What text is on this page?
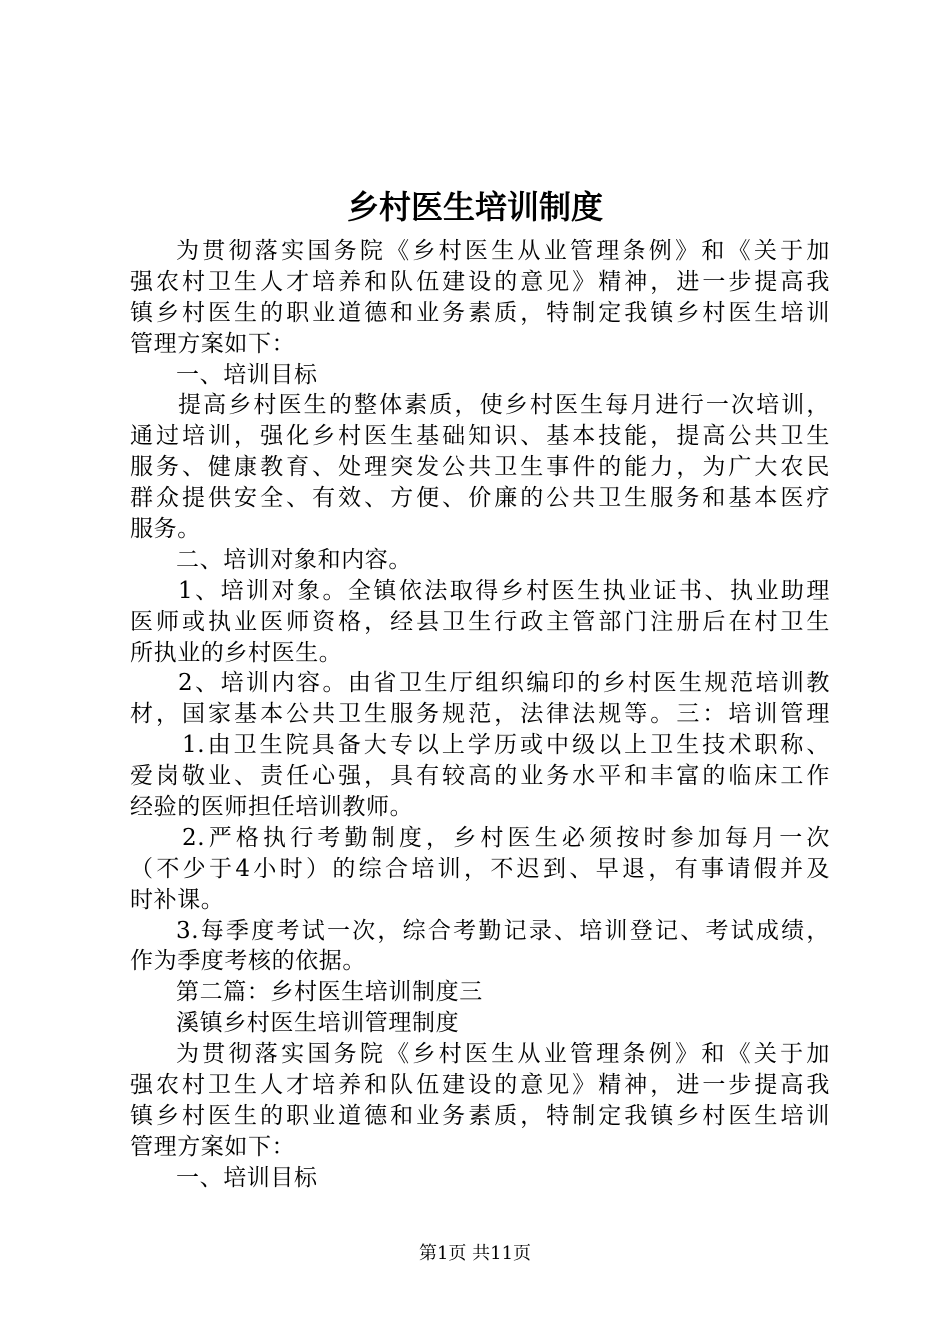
乡村医生培训制度
为贯彻落实国务院《乡村医生从业管理条例》和《关于加
强农村卫生人才培养和队伍建设的意见》精神，进一步提高我
镇乡村医生的职业道德和业务素质，特制定我镇乡村医生培训
管理方案如下：
一、培训目标
提高乡村医生的整体素质，使乡村医生每月进行一次培训，
通过培训，强化乡村医生基础知识、基本技能，提高公共卫生
服务、健康教育、处理突发公共卫生事件的能力，为广大农民
群众提供安全、有效、方便、价廉的公共卫生服务和基本医疗
服务。
二、培训对象和内容。
1、培训对象。全镇依法取得乡村医生执业证书、执业助理
医师或执业医师资格，经县卫生行政主管部门注册后在村卫生
所执业的乡村医生。
2、培训内容。由省卫生厅组织编印的乡村医生规范培训教
材，国家基本公共卫生服务规范，法律法规等。三：培训管理
1.由卫生院具备大专以上学历或中级以上卫生技术职称、
爱岗敬业、责任心强，具有较高的业务水平和丰富的临床工作
经验的医师担任培训教师。
2.严格执行考勤制度，乡村医生必须按时参加每月一次
（不少于4小时）的综合培训，不迟到、早退，有事请假并及
时补课。
3.每季度考试一次，综合考勤记录、培训登记、考试成绩，
作为季度考核的依据。
第二篇：乡村医生培训制度三
溪镇乡村医生培训管理制度
为贯彻落实国务院《乡村医生从业管理条例》和《关于加
强农村卫生人才培养和队伍建设的意见》精神，进一步提高我
镇乡村医生的职业道德和业务素质，特制定我镇乡村医生培训
管理方案如下：
一、培训目标
第1页 共11页
